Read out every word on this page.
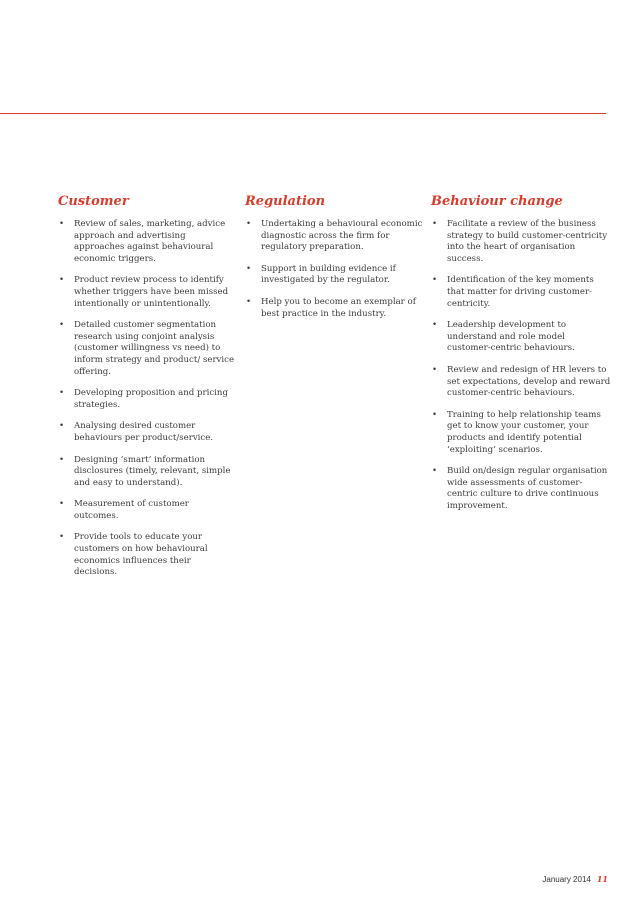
Customer
• Review of sales, marketing, advice approach and advertising approaches against behavioural economic triggers.
• Product review process to identify whether triggers have been missed intentionally or unintentionally.
• Detailed customer segmentation research using conjoint analysis (customer willingness vs need) to inform strategy and product/ service offering.
• Developing proposition and pricing strategies.
• Analysing desired customer behaviours per product/service.
• Designing ‘smart’ information disclosures (timely, relevant, simple and easy to understand).
• Measurement of customer outcomes.
• Provide tools to educate your customers on how behavioural economics influences their decisions.
Regulation
• Undertaking a behavioural economic diagnostic across the firm for regulatory preparation.
• Support in building evidence if investigated by the regulator.
• Help you to become an exemplar of best practice in the industry.
Behaviour change
• Facilitate a review of the business strategy to build customer-centricity into the heart of organisation success.
• Identification of the key moments that matter for driving customer-centricity.
• Leadership development to understand and role model customer-centric behaviours.
• Review and redesign of HR levers to set expectations, develop and reward customer-centric behaviours.
• Training to help relationship teams get to know your customer, your products and identify potential ‘exploiting’ scenarios.
• Build on/design regular organisation wide assessments of customer-centric culture to drive continuous improvement.
January 2014 11
